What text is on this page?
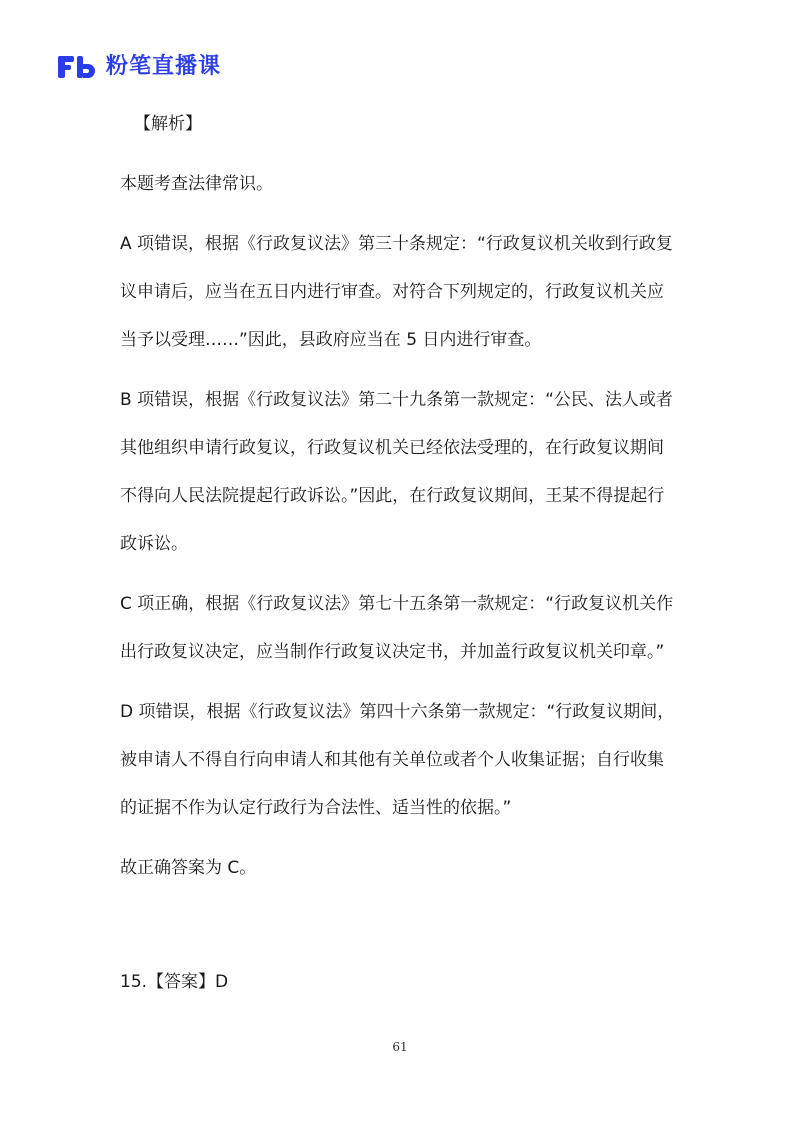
粉笔直播课

【解析】

本题考查法律常识。

A 项错误，根据《行政复议法》第三十条规定：“行政复议机关收到行政复议申请后，应当在五日内进行审查。对符合下列规定的，行政复议机关应当予以受理……”因此，县政府应当在 5 日内进行审查。

B 项错误，根据《行政复议法》第二十九条第一款规定：“公民、法人或者其他组织申请行政复议，行政复议机关已经依法受理的，在行政复议期间不得向人民法院提起行政诉讼。”因此，在行政复议期间，王某不得提起行政诉讼。

C 项正确，根据《行政复议法》第七十五条第一款规定：“行政复议机关作出行政复议决定，应当制作行政复议决定书，并加盖行政复议机关印章。”

D 项错误，根据《行政复议法》第四十六条第一款规定：“行政复议期间，被申请人不得自行向申请人和其他有关单位或者个人收集证据；自行收集的证据不作为认定行政行为合法性、适当性的依据。”

故正确答案为 C。

15.【答案】D
61
